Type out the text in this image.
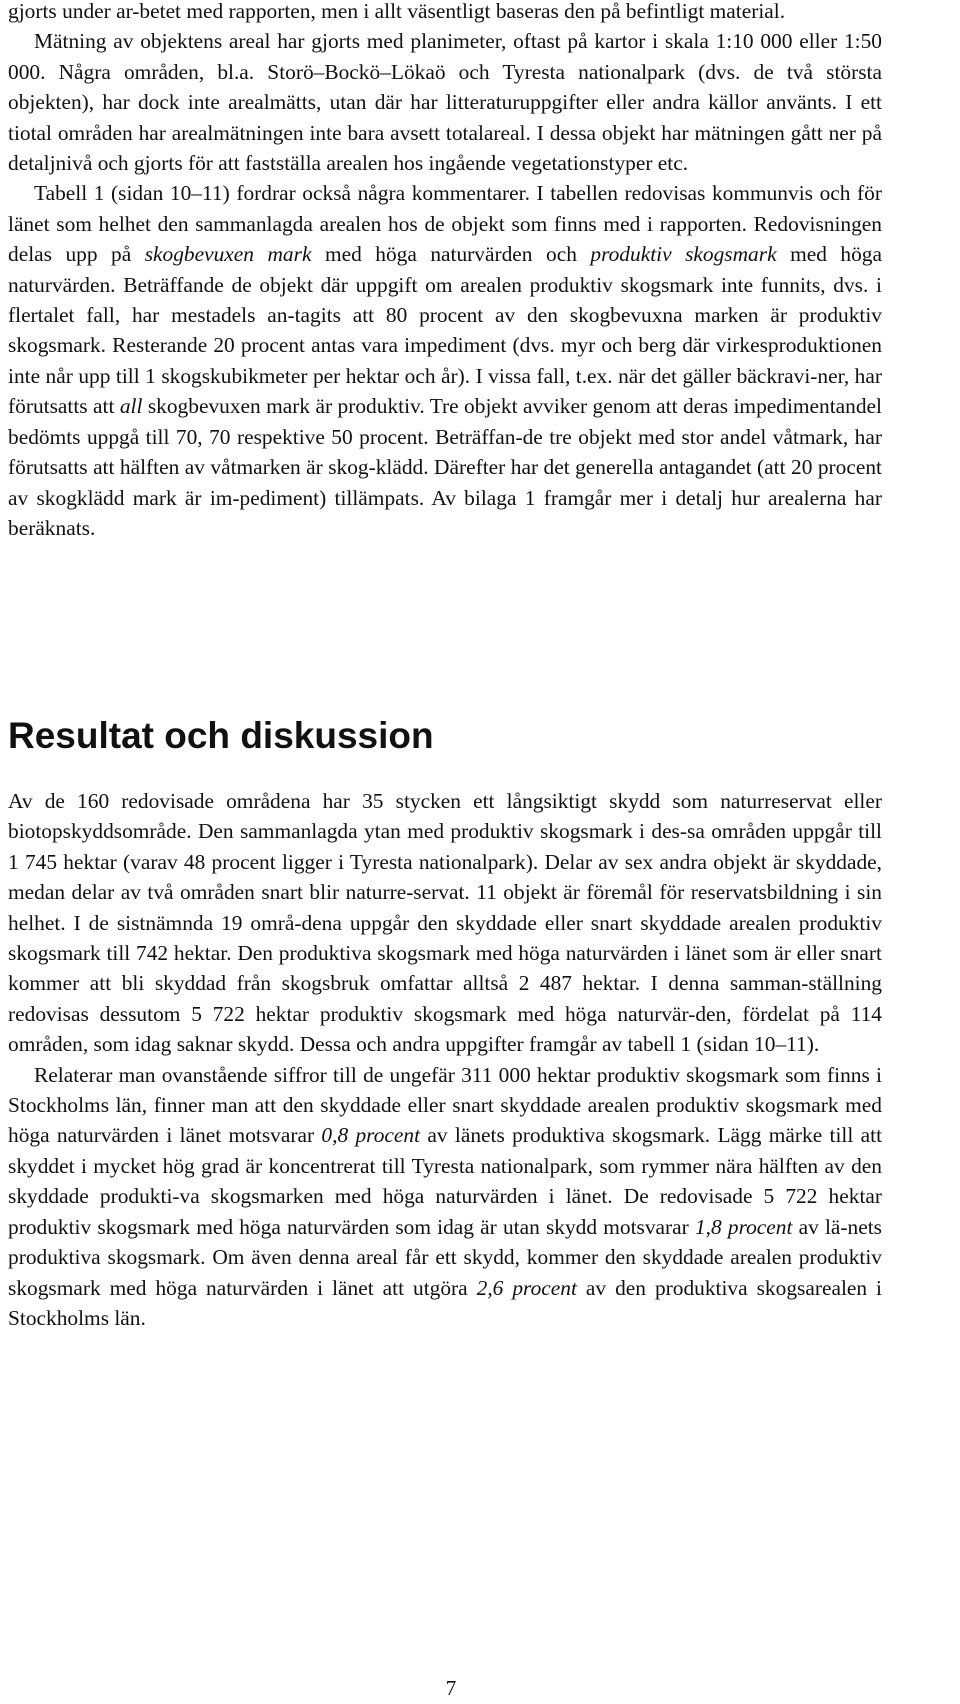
gjorts under ar-betet med rapporten, men i allt väsentligt baseras den på befintligt material.

Mätning av objektens areal har gjorts med planimeter, oftast på kartor i skala 1:10 000 eller 1:50 000. Några områden, bl.a. Storö–Bockö–Lökaö och Tyresta nationalpark (dvs. de två största objekten), har dock inte arealmätts, utan där har litteraturuppgifter eller andra källor använts. I ett tiotal områden har arealmätningen inte bara avsett totalareal. I dessa objekt har mätningen gått ner på detaljnivå och gjorts för att fastställa arealen hos ingående vegetationstyper etc.

Tabell 1 (sidan 10–11) fordrar också några kommentarer. I tabellen redovisas kommunvis och för länet som helhet den sammanlagda arealen hos de objekt som finns med i rapporten. Redovisningen delas upp på skogbevuxen mark med höga naturvärden och produktiv skogsmark med höga naturvärden. Beträffande de objekt där uppgift om arealen produktiv skogsmark inte funnits, dvs. i flertalet fall, har mestadels an-tagits att 80 procent av den skogbevuxna marken är produktiv skogsmark. Resterande 20 procent antas vara impediment (dvs. myr och berg där virkesproduktionen inte når upp till 1 skogskubikmeter per hektar och år). I vissa fall, t.ex. när det gäller bäckravi-ner, har förutsatts att all skogbevuxen mark är produktiv. Tre objekt avviker genom att deras impedimentandel bedömts uppgå till 70, 70 respektive 50 procent. Beträffan-de tre objekt med stor andel våtmark, har förutsatts att hälften av våtmarken är skog-klädd. Därefter har det generella antagandet (att 20 procent av skogklädd mark är im-pediment) tillämpats. Av bilaga 1 framgår mer i detalj hur arealerna har beräknats.

Resultat och diskussion

Av de 160 redovisade områdena har 35 stycken ett långsiktigt skydd som naturreservat eller biotopskyddsområde. Den sammanlagda ytan med produktiv skogsmark i des-sa områden uppgår till 1 745 hektar (varav 48 procent ligger i Tyresta nationalpark). Delar av sex andra objekt är skyddade, medan delar av två områden snart blir naturre-servat. 11 objekt är föremål för reservatsbildning i sin helhet. I de sistnämnda 19 områ-dena uppgår den skyddade eller snart skyddade arealen produktiv skogsmark till 742 hektar. Den produktiva skogsmark med höga naturvärden i länet som är eller snart kommer att bli skyddad från skogsbruk omfattar alltså 2 487 hektar. I denna samman-ställning redovisas dessutom 5 722 hektar produktiv skogsmark med höga naturvär-den, fördelat på 114 områden, som idag saknar skydd. Dessa och andra uppgifter framgår av tabell 1 (sidan 10–11).

Relaterar man ovanstående siffror till de ungefär 311 000 hektar produktiv skogsmark som finns i Stockholms län, finner man att den skyddade eller snart skyddade arealen produktiv skogsmark med höga naturvärden i länet motsvarar 0,8 procent av länets produktiva skogsmark. Lägg märke till att skyddet i mycket hög grad är koncentrerat till Tyresta nationalpark, som rymmer nära hälften av den skyddade produkti-va skogsmarken med höga naturvärden i länet. De redovisade 5 722 hektar produktiv skogsmark med höga naturvärden som idag är utan skydd motsvarar 1,8 procent av lä-nets produktiva skogsmark. Om även denna areal får ett skydd, kommer den skyddade arealen produktiv skogsmark med höga naturvärden i länet att utgöra 2,6 procent av den produktiva skogsarealen i Stockholms län.

7
